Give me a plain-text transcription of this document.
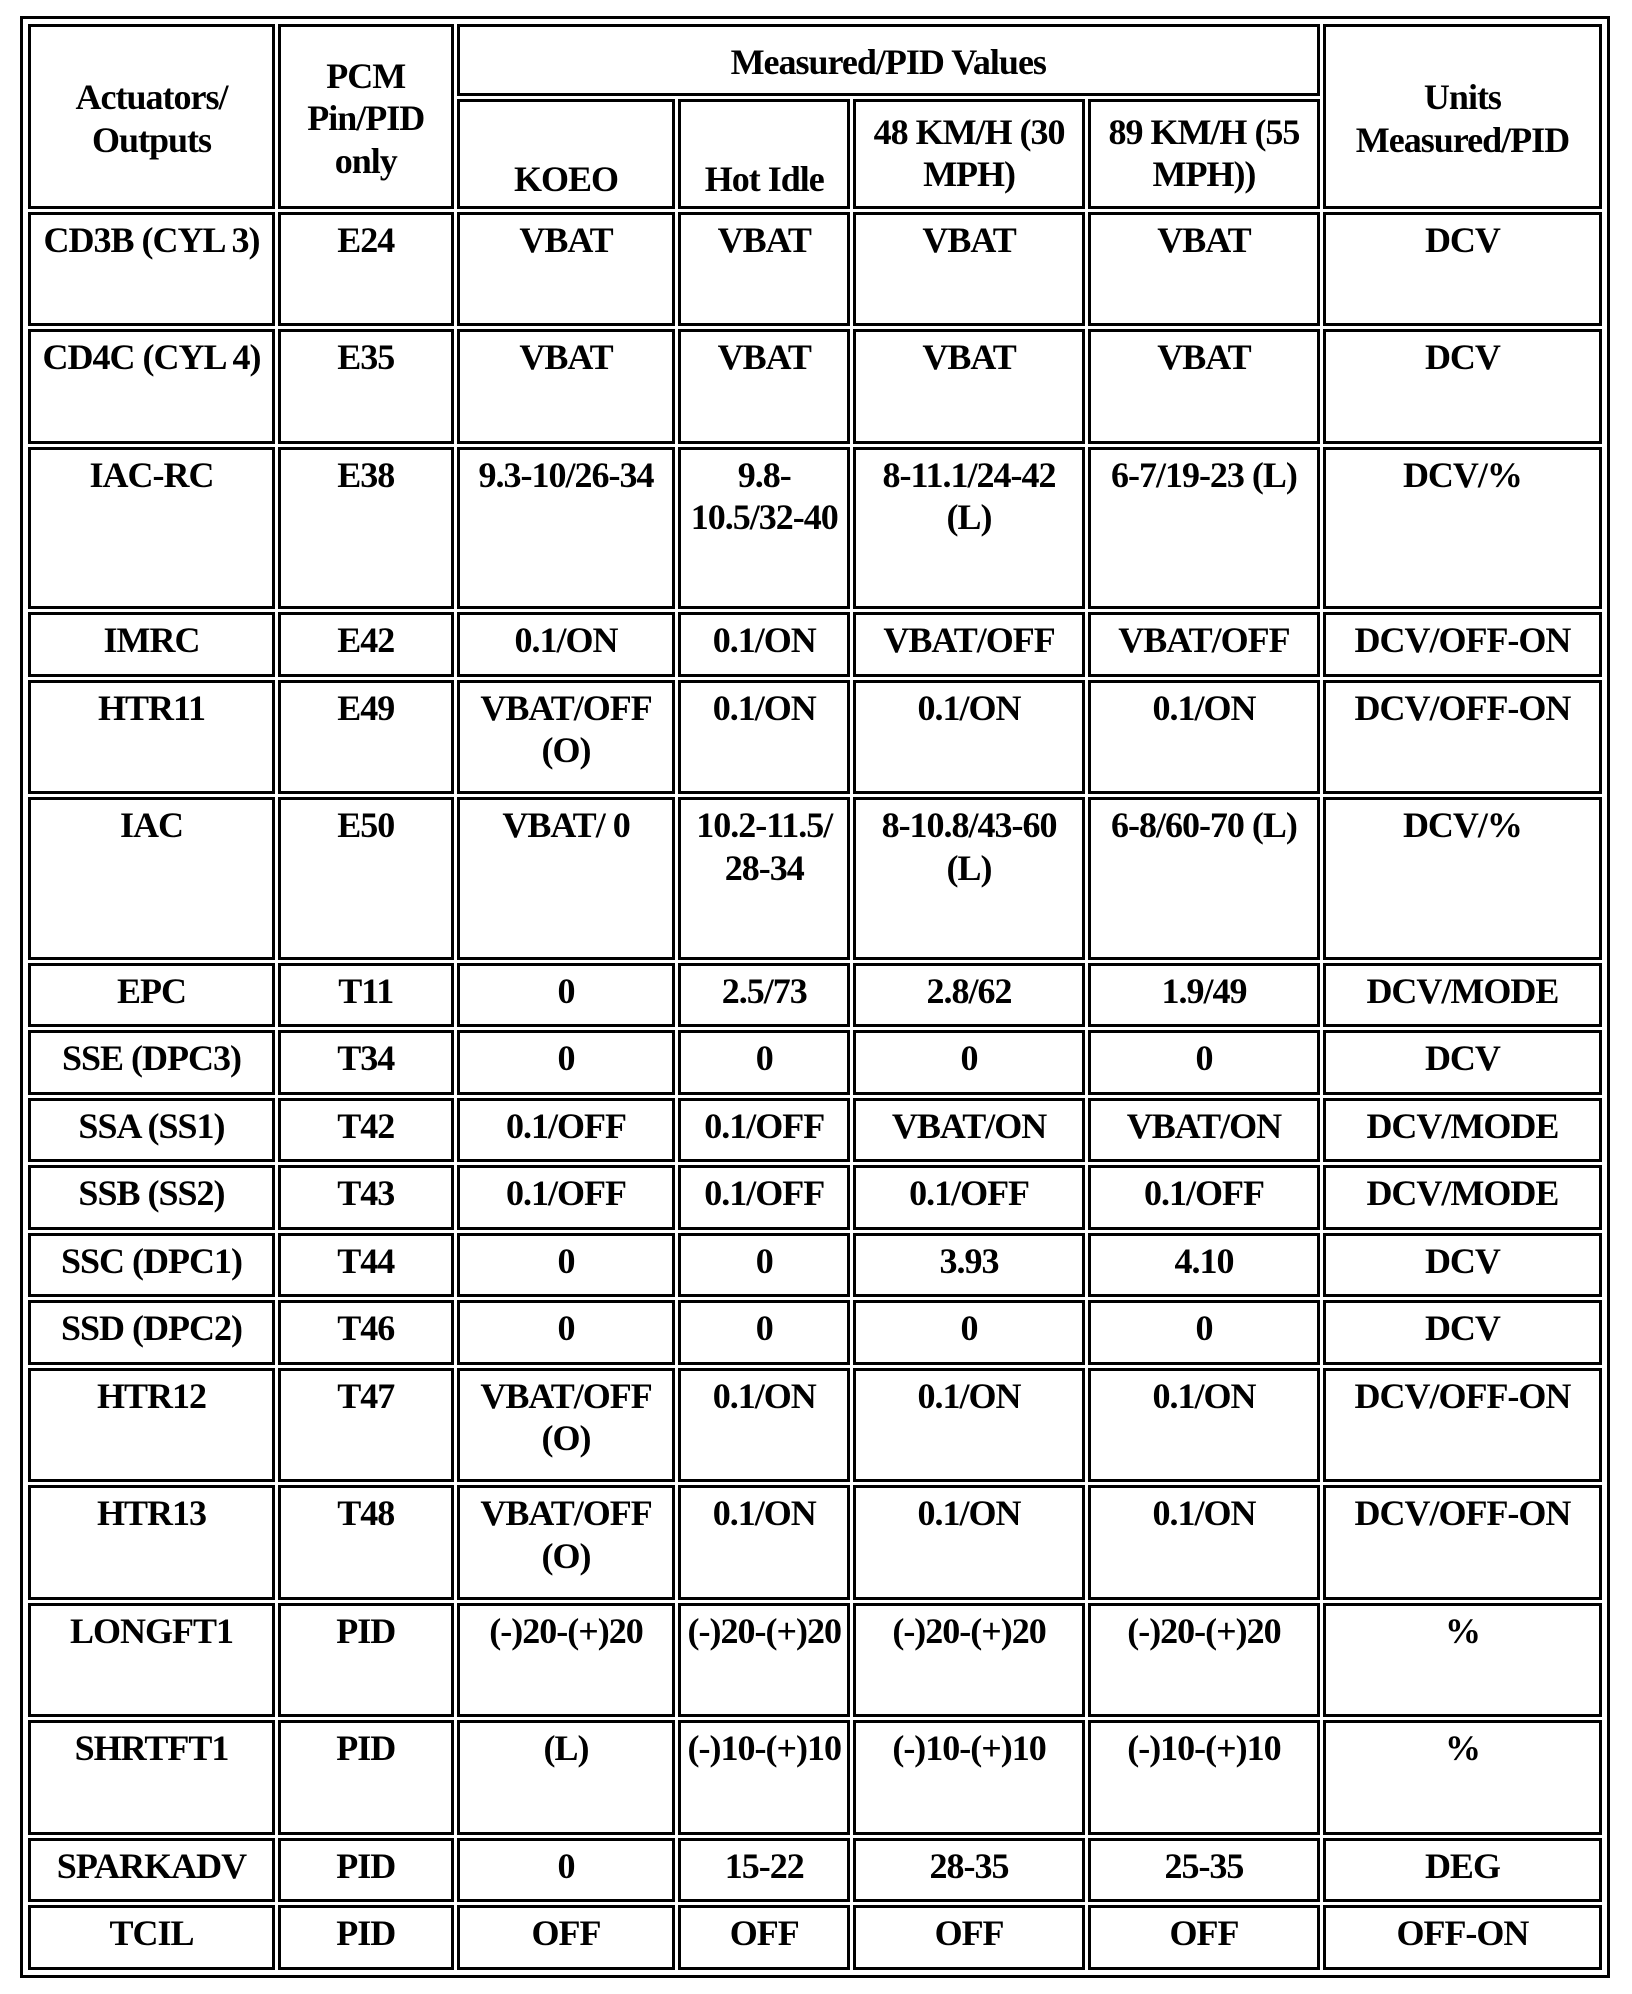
Actuators/ Outputs	PCM Pin/PID only	Measured/PID Values				Units Measured/PID
		KOEO	Hot Idle	48 KM/H (30 MPH)	89 KM/H (55 MPH))	
CD3B (CYL 3)	E24	VBAT	VBAT	VBAT	VBAT	DCV
CD4C (CYL 4)	E35	VBAT	VBAT	VBAT	VBAT	DCV
IAC-RC	E38	9.3-10/26-34	9.8-10.5/32-40	8-11.1/24-42 (L)	6-7/19-23 (L)	DCV/%
IMRC	E42	0.1/ON	0.1/ON	VBAT/OFF	VBAT/OFF	DCV/OFF-ON
HTR11	E49	VBAT/OFF (O)	0.1/ON	0.1/ON	0.1/ON	DCV/OFF-ON
IAC	E50	VBAT/ 0	10.2-11.5/ 28-34	8-10.8/43-60 (L)	6-8/60-70 (L)	DCV/%
EPC	T11	0	2.5/73	2.8/62	1.9/49	DCV/MODE
SSE (DPC3)	T34	0	0	0	0	DCV
SSA (SS1)	T42	0.1/OFF	0.1/OFF	VBAT/ON	VBAT/ON	DCV/MODE
SSB (SS2)	T43	0.1/OFF	0.1/OFF	0.1/OFF	0.1/OFF	DCV/MODE
SSC (DPC1)	T44	0	0	3.93	4.10	DCV
SSD (DPC2)	T46	0	0	0	0	DCV
HTR12	T47	VBAT/OFF (O)	0.1/ON	0.1/ON	0.1/ON	DCV/OFF-ON
HTR13	T48	VBAT/OFF (O)	0.1/ON	0.1/ON	0.1/ON	DCV/OFF-ON
LONGFT1	PID	(-)20-(+)20	(-)20-(+)20	(-)20-(+)20	(-)20-(+)20	%
SHRTFT1	PID	(L)	(-)10-(+)10	(-)10-(+)10	(-)10-(+)10	%
SPARKADV	PID	0	15-22	28-35	25-35	DEG
TCIL	PID	OFF	OFF	OFF	OFF	OFF-ON
